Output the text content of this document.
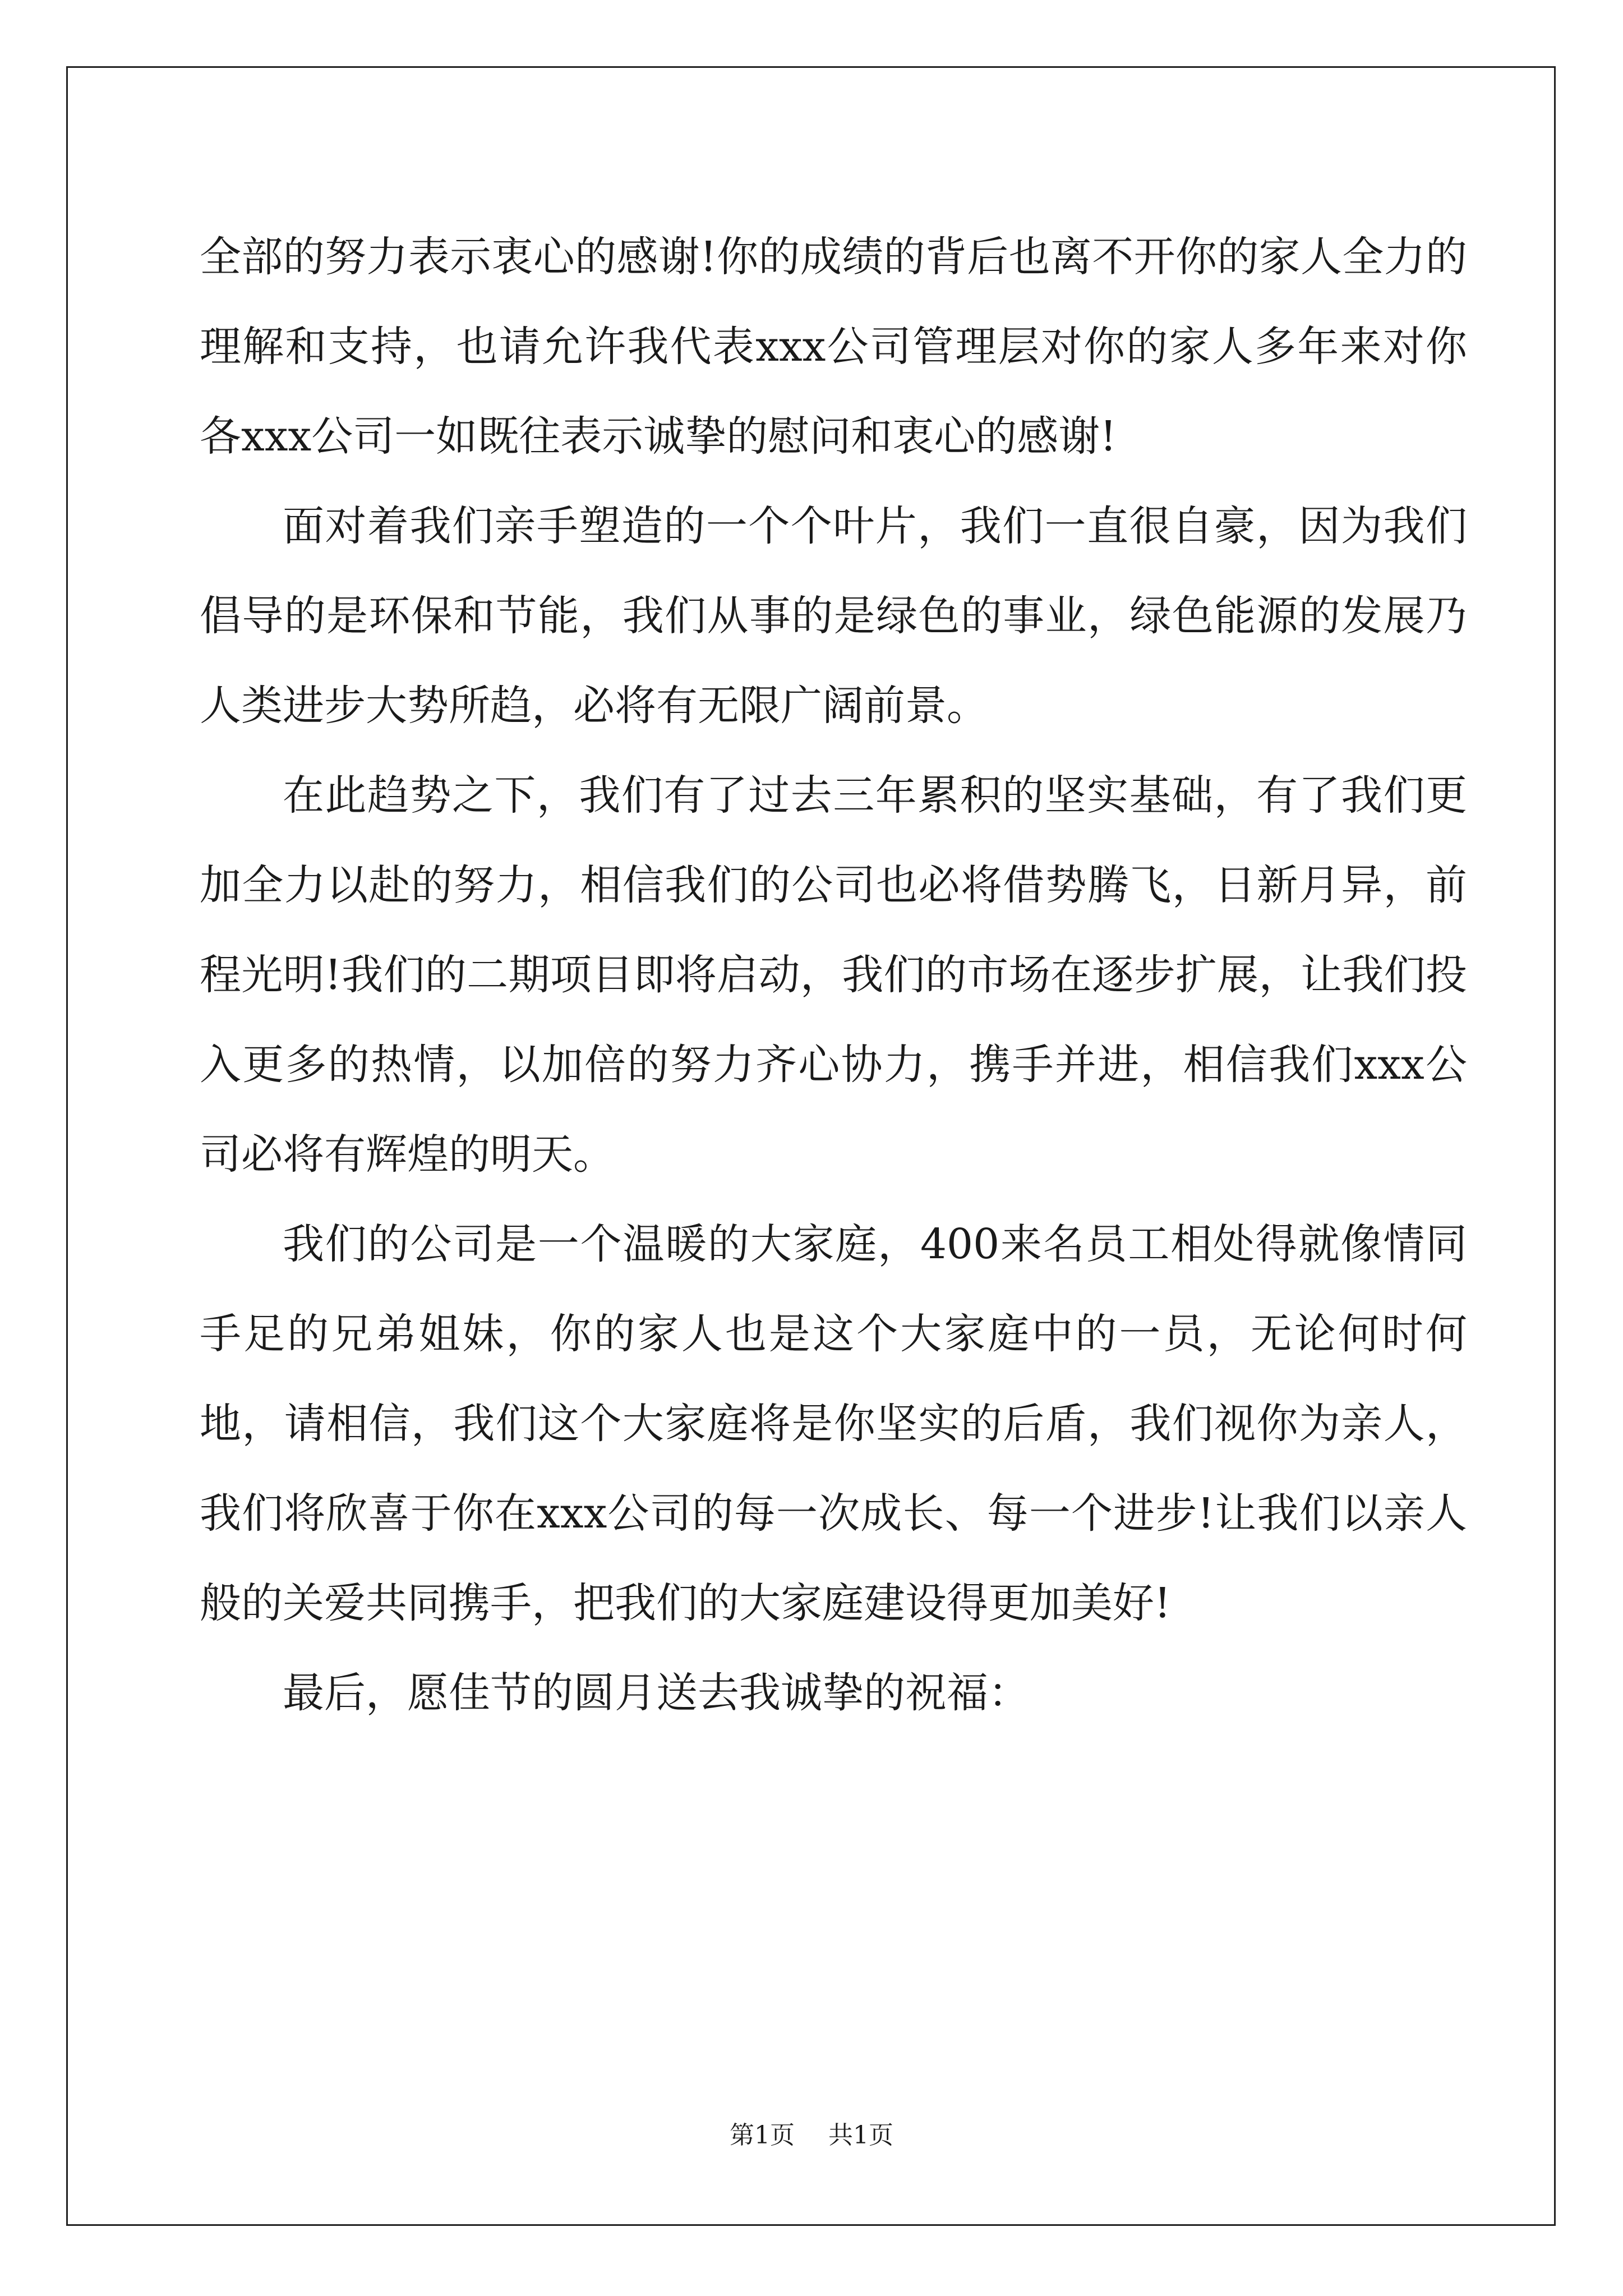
全部的努力表示衷心的感谢!你的成绩的背后也离不开你的家人全力的理解和支持，也请允许我代表xxx公司管理层对你的家人多年来对你各xxx公司一如既往表示诚挚的慰问和衷心的感谢!

面对着我们亲手塑造的一个个叶片，我们一直很自豪，因为我们倡导的是环保和节能，我们从事的是绿色的事业，绿色能源的发展乃人类进步大势所趋，必将有无限广阔前景。

在此趋势之下，我们有了过去三年累积的坚实基础，有了我们更加全力以赴的努力，相信我们的公司也必将借势腾飞，日新月异，前程光明!我们的二期项目即将启动，我们的市场在逐步扩展，让我们投入更多的热情，以加倍的努力齐心协力，携手并进，相信我们xxx公司必将有辉煌的明天。

我们的公司是一个温暖的大家庭，400来名员工相处得就像情同手足的兄弟姐妹，你的家人也是这个大家庭中的一员，无论何时何地，请相信，我们这个大家庭将是你坚实的后盾，我们视你为亲人，我们将欣喜于你在xxx公司的每一次成长、每一个进步!让我们以亲人般的关爱共同携手，把我们的大家庭建设得更加美好!

最后，愿佳节的圆月送去我诚挚的祝福：

第1页 共1页
